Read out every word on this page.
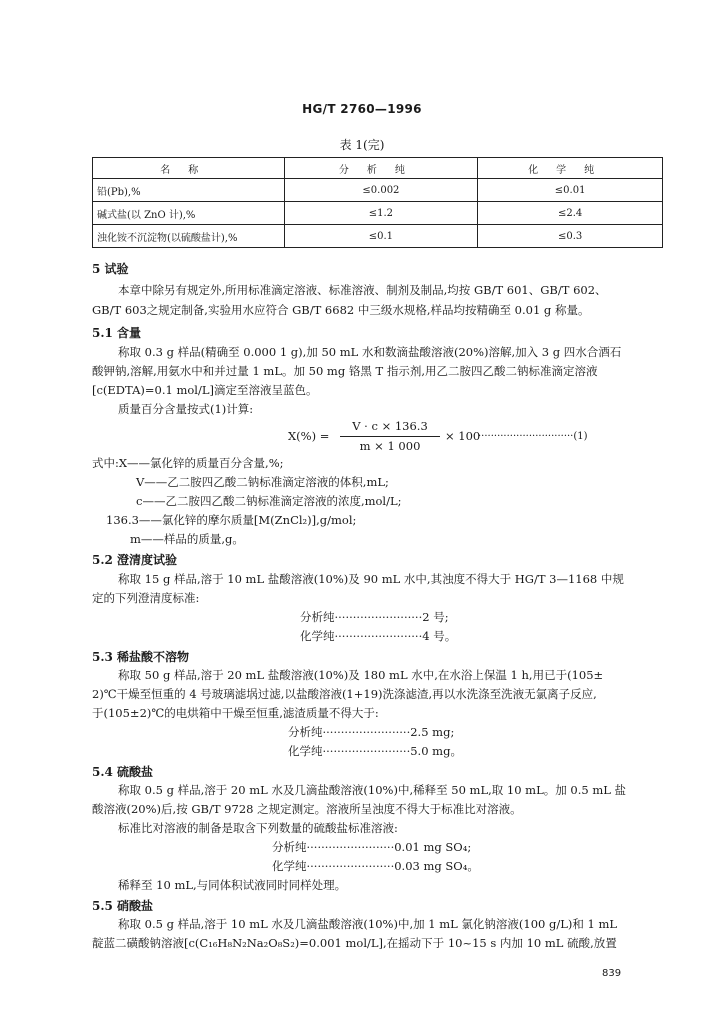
HG/T 2760—1996
表 1(完)
名称	分析纯	化学纯
铅(Pb),%	≤0.002	≤0.01
碱式盐(以 ZnO 计),%	≤1.2	≤2.4
浊化铵不沉淀物(以硫酸盐计),%	≤0.1	≤0.3
5 试验
本章中除另有规定外,所用标准滴定溶液、标准溶液、制剂及制品,均按 GB/T 601、GB/T 602、
GB/T 603之规定制备,实验用水应符合 GB/T 6682 中三级水规格,样品均按精确至 0.01 g 称量。
5.1 含量
称取 0.3 g 样品(精确至 0.000 1 g),加 50 mL 水和数滴盐酸溶液(20%)溶解,加入 3 g 四水合酒石
酸钾钠,溶解,用氨水中和并过量 1 mL。加 50 mg 铬黑 T 指示剂,用乙二胺四乙酸二钠标准滴定溶液
[c(EDTA)=0.1 mol/L]滴定至溶液呈蓝色。
质量百分含量按式(1)计算:
X(%) =
V · c × 136.3
m × 1 000
× 100
······························(1)
式中:X——氯化锌的质量百分含量,%;
V——乙二胺四乙酸二钠标准滴定溶液的体积,mL;
c——乙二胺四乙酸二钠标准滴定溶液的浓度,mol/L;
136.3——氯化锌的摩尔质量[M(ZnCl₂)],g/mol;
m——样品的质量,g。
5.2 澄清度试验
称取 15 g 样品,溶于 10 mL 盐酸溶液(10%)及 90 mL 水中,其浊度不得大于 HG/T 3—1168 中规
定的下列澄清度标准:
分析纯························2 号;
化学纯························4 号。
5.3 稀盐酸不溶物
称取 50 g 样品,溶于 20 mL 盐酸溶液(10%)及 180 mL 水中,在水浴上保温 1 h,用已于(105±
2)℃干燥至恒重的 4 号玻璃滤埚过滤,以盐酸溶液(1+19)洗涤滤渣,再以水洗涤至洗液无氯离子反应,
于(105±2)℃的电烘箱中干燥至恒重,滤渣质量不得大于:
分析纯························2.5 mg;
化学纯························5.0 mg。
5.4 硫酸盐
称取 0.5 g 样品,溶于 20 mL 水及几滴盐酸溶液(10%)中,稀释至 50 mL,取 10 mL。加 0.5 mL 盐
酸溶液(20%)后,按 GB/T 9728 之规定测定。溶液所呈浊度不得大于标准比对溶液。
标准比对溶液的制备是取含下列数量的硫酸盐标准溶液:
分析纯························0.01 mg SO₄;
化学纯························0.03 mg SO₄。
稀释至 10 mL,与同体积试液同时同样处理。
5.5 硝酸盐
称取 0.5 g 样品,溶于 10 mL 水及几滴盐酸溶液(10%)中,加 1 mL 氯化钠溶液(100 g/L)和 1 mL
靛蓝二磺酸钠溶液[c(C₁₆H₈N₂Na₂O₈S₂)=0.001 mol/L],在摇动下于 10~15 s 内加 10 mL 硫酸,放置
839
